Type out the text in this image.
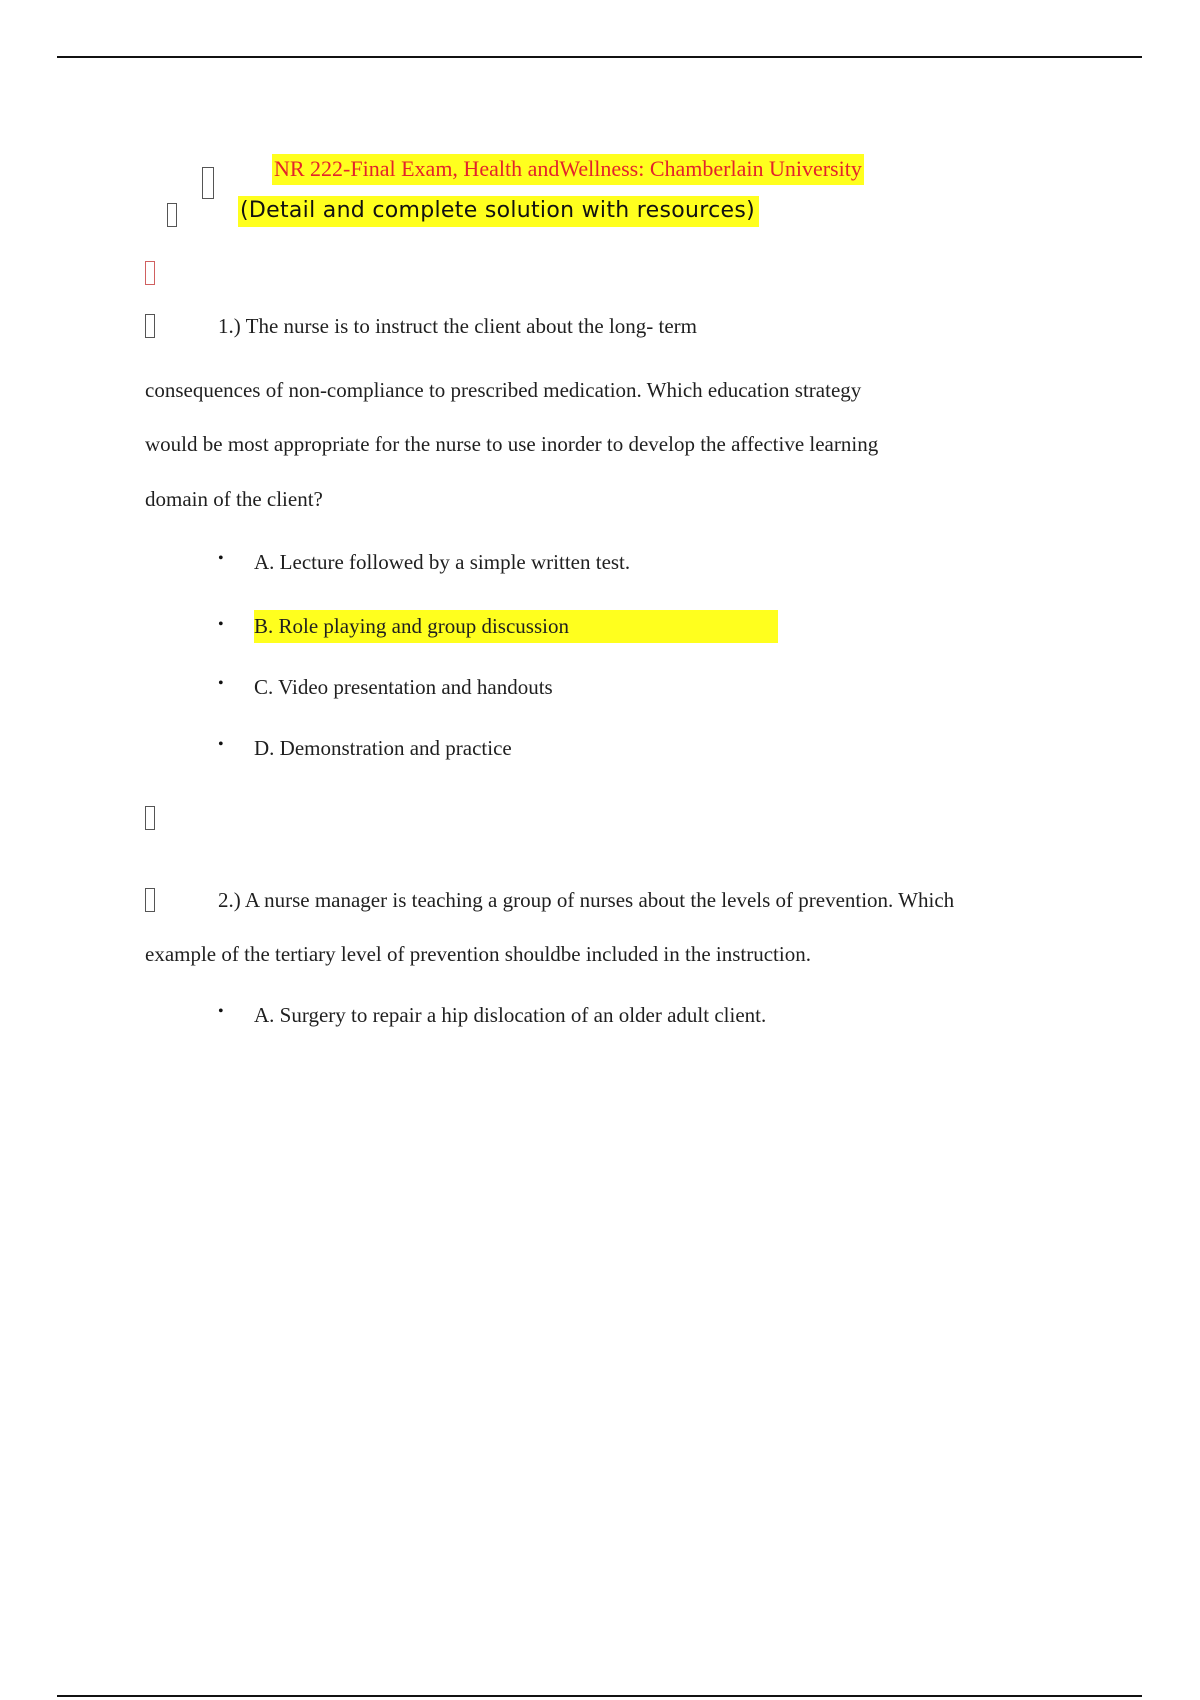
NR 222-Final Exam, Health andWellness: Chamberlain University
(Detail and complete solution with resources)
1.) The nurse is to instruct the client about the long- term
consequences of non-compliance to prescribed medication. Which education strategy
would be most appropriate for the nurse to use inorder to develop the affective learning
domain of the client?
• A. Lecture followed by a simple written test.
• B. Role playing and group discussion
• C. Video presentation and handouts
• D. Demonstration and practice
2.) A nurse manager is teaching a group of nurses about the levels of prevention. Which
example of the tertiary level of prevention shouldbe included in the instruction.
• A. Surgery to repair a hip dislocation of an older adult client.
